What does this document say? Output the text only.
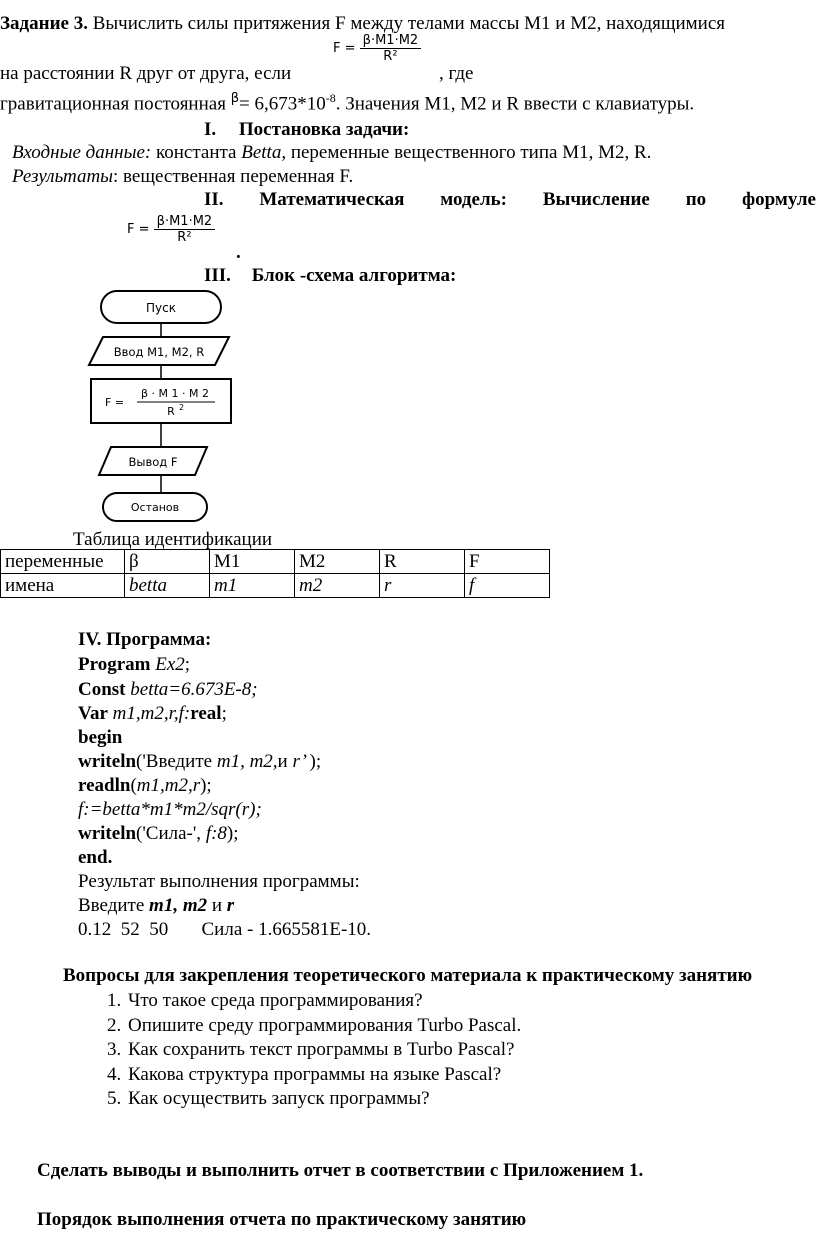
Задание 3. Вычислить силы притяжения F между телами массы M1 и M2, находящимися
$F = \frac{\beta\cdot M1\cdot M2}{\text{R²}}$
на расстоянии R друг от друга, если	, где
гравитационная постоянная $^\beta= 6,673*10^{-8}$. Значения M1, M2 и R ввести с клавиатуры.
I. Постановка задачи:
Входные данные: константа Betta, переменные вещественного типа M1, M2, R.
Результаты: вещественная переменная F.
II. Математическая модель: Вычисление по формуле
$F = \frac{\beta\cdot M1\cdot M2}{\text{R²}}$
.
III. Блок -схема алгоритма:
Пуск
Ввод M1, M2, R
F =
β · M 1 · M 2
R 2
Вывод F
Останов
Таблица идентификации
переменные	β	M1	M2	R	F
имена	betta	m1	m2	r	f
IV. Программа:
Program Ex2;
Const betta=6.673E-8;
Var m1,m2,r,f:real;
begin
writeln('Введите m1, m2,и r’ );
readln(m1,m2,r);
f:=betta*m1*m2/sqr(r);
writeln('Сила-', f:8);
end.
Результат выполнения программы:
Введите m1, m2 и r
0.12  52  50       Сила - 1.665581E-10.
Вопросы для закрепления теоретического материала к практическому занятию
1. Что такое среда программирования?
2. Опишите среду программирования Turbo Pascal.
3. Как сохранить текст программы в Turbo Pascal?
4. Какова структура программы на языке Pascal?
5. Как осуществить запуск программы?
Сделать выводы и выполнить отчет в соответствии с Приложением 1.
Порядок выполнения отчета по практическому занятию
